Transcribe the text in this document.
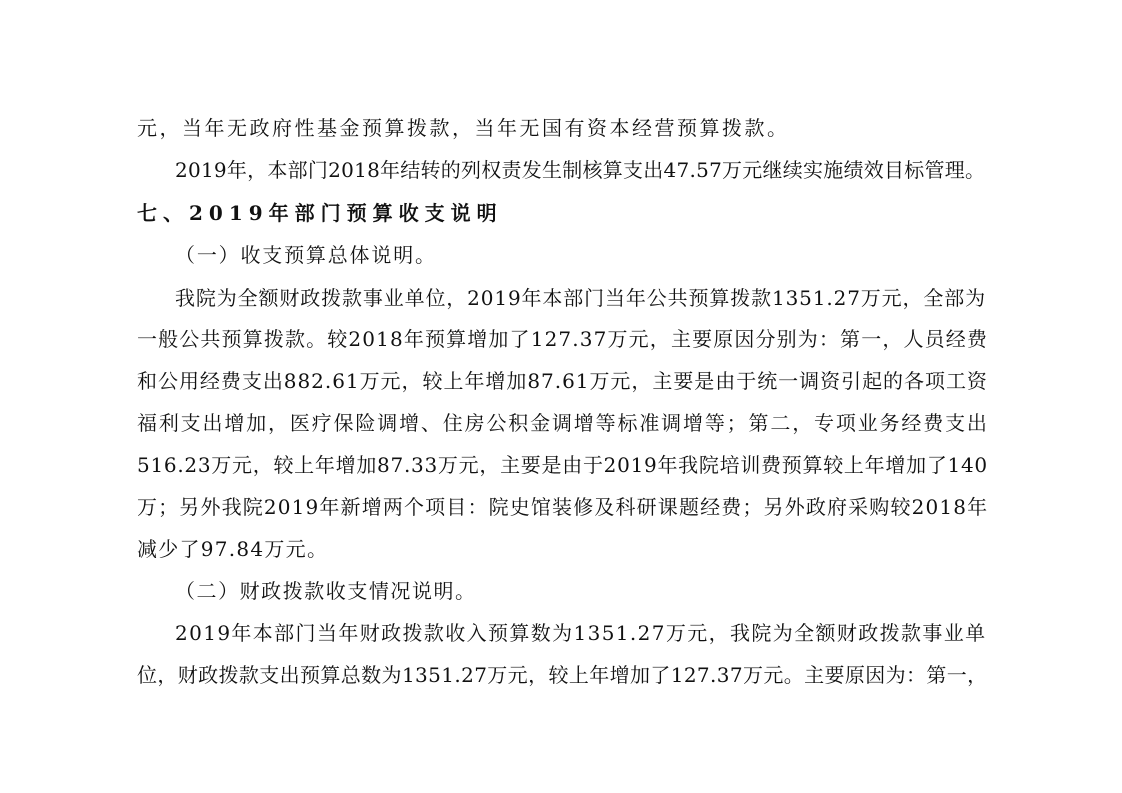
元，当年无政府性基金预算拨款，当年无国有资本经营预算拨款。
2019年，本部门2018年结转的列权责发生制核算支出47.57万元继续实施绩效目标管理。
七、2019年部门预算收支说明
（一）收支预算总体说明。
我院为全额财政拨款事业单位，2019年本部门当年公共预算拨款1351.27万元，全部为
一般公共预算拨款。较2018年预算增加了127.37万元，主要原因分别为：第一，人员经费
和公用经费支出882.61万元，较上年增加87.61万元，主要是由于统一调资引起的各项工资
福利支出增加，医疗保险调增、住房公积金调增等标准调增等；第二，专项业务经费支出
516.23万元，较上年增加87.33万元，主要是由于2019年我院培训费预算较上年增加了140
万；另外我院2019年新增两个项目：院史馆装修及科研课题经费；另外政府采购较2018年
减少了97.84万元。
（二）财政拨款收支情况说明。
2019年本部门当年财政拨款收入预算数为1351.27万元，我院为全额财政拨款事业单
位，财政拨款支出预算总数为1351.27万元，较上年增加了127.37万元。主要原因为：第一，
